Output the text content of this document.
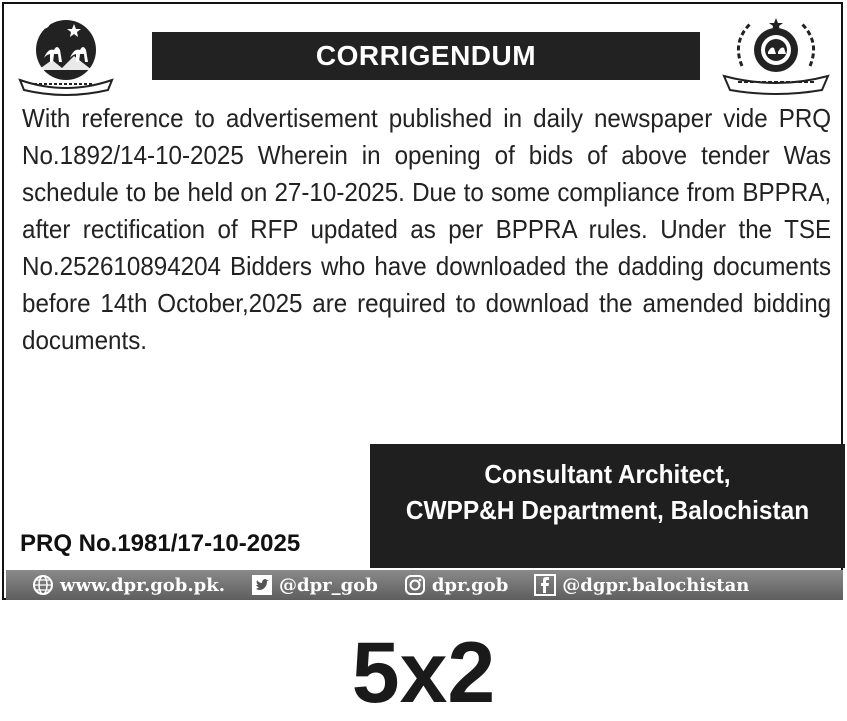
CORRIGENDUM
With reference to advertisement published in daily newspaper vide PRQ No.1892/14-10-2025 Wherein in opening of bids of above tender Was schedule to be held on 27-10-2025. Due to some compliance from BPPRA, after rectification of RFP updated as per BPPRA rules. Under the TSE No.252610894204 Bidders who have downloaded the dadding documents before 14th October,2025 are required to download the amended bidding documents.
Consultant Architect,
CWPP&H Department, Balochistan
PRQ No.1981/17-10-2025
www.dpr.gob.pk.	@dpr_gob	dpr.gob	@dgpr.balochistan
5x2
